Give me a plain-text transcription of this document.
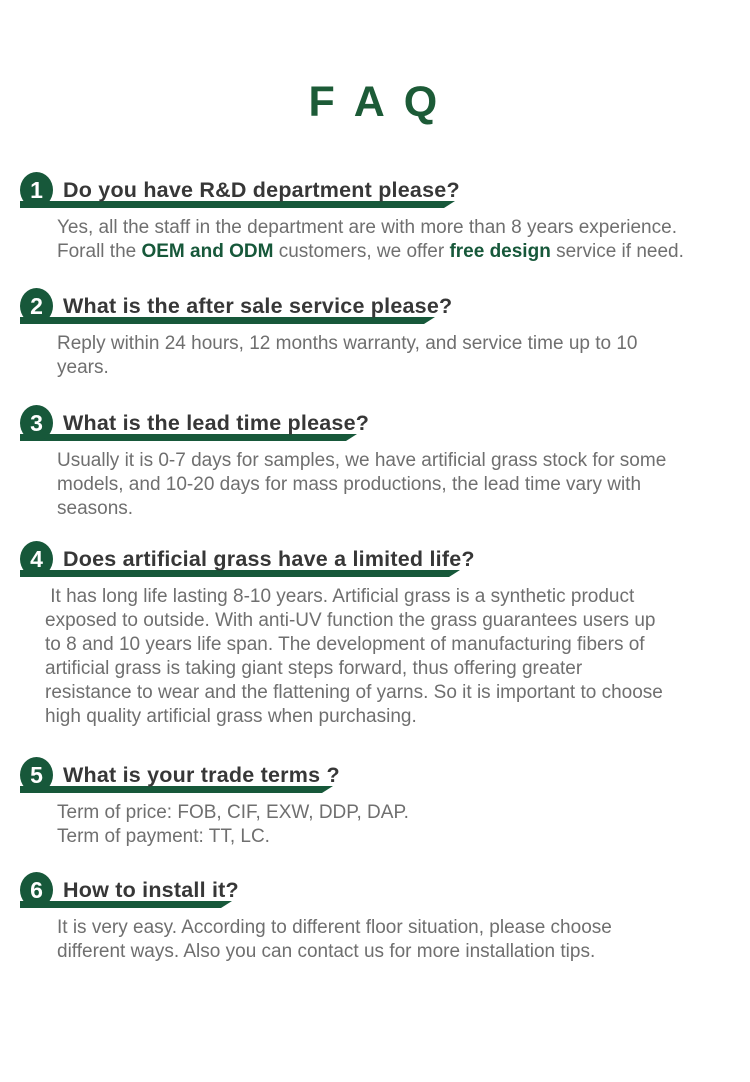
F A Q
1 Do you have R&D department please?
Yes, all the staff in the department are with more than 8 years experience.
Forall the OEM and ODM customers, we offer free design service if need.
2 What is the after sale service please?
Reply within 24 hours, 12 months warranty, and service time up to 10
years.
3 What is the lead time please?
Usually it is 0-7 days for samples, we have artificial grass stock for some
models, and 10-20 days for mass productions, the lead time vary with
seasons.
4 Does artificial grass have a limited life?
It has long life lasting 8-10 years. Artificial grass is a synthetic product
exposed to outside. With anti-UV function the grass guarantees users up
to 8 and 10 years life span. The development of manufacturing fibers of
artificial grass is taking giant steps forward, thus offering greater
resistance to wear and the flattening of yarns. So it is important to choose
high quality artificial grass when purchasing.
5 What is your trade terms ?
Term of price: FOB, CIF, EXW, DDP, DAP.
Term of payment: TT, LC.
6 How to install it?
It is very easy. According to different floor situation, please choose
different ways. Also you can contact us for more installation tips.
